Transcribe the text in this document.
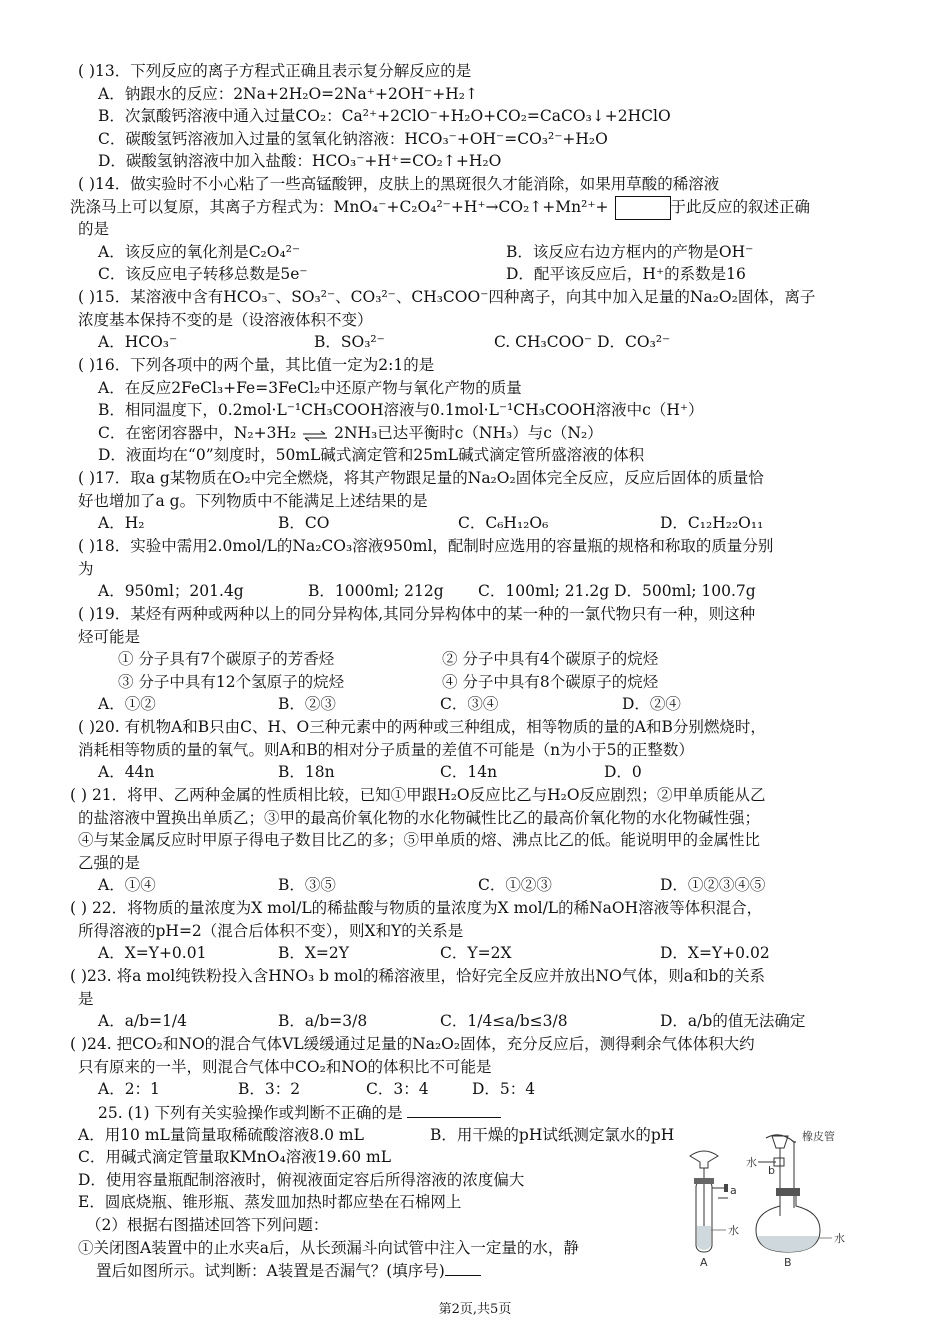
( )13．下列反应的离子方程式正确且表示复分解反应的是
A．钠跟水的反应：2Na+2H₂O=2Na⁺+2OH⁻+H₂↑
B．次氯酸钙溶液中通入过量CO₂：Ca²⁺+2ClO⁻+H₂O+CO₂=CaCO₃↓+2HClO
C．碳酸氢钙溶液加入过量的氢氧化钠溶液：HCO₃⁻+OH⁻=CO₃²⁻+H₂O
D．碳酸氢钠溶液中加入盐酸：HCO₃⁻+H⁺=CO₂↑+H₂O
( )14．做实验时不小心粘了一些高锰酸钾，皮肤上的黑斑很久才能消除，如果用草酸的稀溶液
洗涤马上可以复原，其离子方程式为：MnO₄⁻+C₂O₄²⁻+H⁺→CO₂↑+Mn²⁺+	于此反应的叙述正确
的是
A．该反应的氧化剂是C₂O₄²⁻	B．该反应右边方框内的产物是OH⁻
C．该反应电子转移总数是5e⁻	D．配平该反应后，H⁺的系数是16
( )15．某溶液中含有HCO₃⁻、SO₃²⁻、CO₃²⁻、CH₃COO⁻四种离子，向其中加入足量的Na₂O₂固体，离子
浓度基本保持不变的是（设溶液体积不变）
A．HCO₃⁻	B．SO₃²⁻	C. CH₃COO⁻ D．CO₃²⁻
( )16．下列各项中的两个量，其比值一定为2:1的是
A．在反应2FeCl₃+Fe=3FeCl₂中还原产物与氧化产物的质量
B．相同温度下，0.2mol·L⁻¹CH₃COOH溶液与0.1mol·L⁻¹CH₃COOH溶液中c（H⁺）
C．在密闭容器中，N₂+3H₂ ⇌ 2NH₃已达平衡时c（NH₃）与c（N₂）
D．液面均在“0”刻度时，50mL碱式滴定管和25mL碱式滴定管所盛溶液的体积
( )17．取a g某物质在O₂中完全燃烧，将其产物跟足量的Na₂O₂固体完全反应，反应后固体的质量恰
好也增加了a g。下列物质中不能满足上述结果的是
A．H₂	B．CO	C．C₆H₁₂O₆	D．C₁₂H₂₂O₁₁
( )18．实验中需用2.0mol/L的Na₂CO₃溶液950ml，配制时应选用的容量瓶的规格和称取的质量分别
为
A．950ml；201.4g	B．1000ml; 212g C．100ml; 21.2g D．500ml; 100.7g
( )19．某烃有两种或两种以上的同分异构体,其同分异构体中的某一种的一氯代物只有一种，则这种
烃可能是
① 分子具有7个碳原子的芳香烃	② 分子中具有4个碳原子的烷烃
③ 分子中具有12个氢原子的烷烃	④ 分子中具有8个碳原子的烷烃
A．①②	B．②③	C．③④	D．②④
( )20. 有机物A和B只由C、H、O三种元素中的两种或三种组成，相等物质的量的A和B分别燃烧时，
消耗相等物质的量的氧气。则A和B的相对分子质量的差值不可能是（n为小于5的正整数）
A．44n	B．18n	C．14n	D．0
( ) 21．将甲、乙两种金属的性质相比较，已知①甲跟H₂O反应比乙与H₂O反应剧烈；②甲单质能从乙
的盐溶液中置换出单质乙；③甲的最高价氧化物的水化物碱性比乙的最高价氧化物的水化物碱性强；
④与某金属反应时甲原子得电子数目比乙的多；⑤甲单质的熔、沸点比乙的低。能说明甲的金属性比
乙强的是
A．①④	B．③⑤	C．①②③	D．①②③④⑤
( ) 22．将物质的量浓度为X mol/L的稀盐酸与物质的量浓度为X mol/L的稀NaOH溶液等体积混合，
所得溶液的pH=2（混合后体积不变），则X和Y的关系是
A．X=Y+0.01	B．X=2Y	C．Y=2X	D．X=Y+0.02
( )23. 将a mol纯铁粉投入含HNO₃ b mol的稀溶液里，恰好完全反应并放出NO气体，则a和b的关系
是
A．a/b=1/4	B．a/b=3/8	C．1/4≤a/b≤3/8	D．a/b的值无法确定
( )24. 把CO₂和NO的混合气体VL缓缓通过足量的Na₂O₂固体，充分反应后，测得剩余气体体积大约
只有原来的一半，则混合气体中CO₂和NO的体积比不可能是
A．2：1	B．3：2	C．3：4	D．5：4
25. (1) 下列有关实验操作或判断不正确的是
A．用10 mL量筒量取稀硫酸溶液8.0 mL	B．用干燥的pH试纸测定氯水的pH
C．用碱式滴定管量取KMnO₄溶液19.60 mL
D．使用容量瓶配制溶液时，俯视液面定容后所得溶液的浓度偏大
E．圆底烧瓶、锥形瓶、蒸发皿加热时都应垫在石棉网上
（2）根据右图描述回答下列问题：
①关闭图A装置中的止水夹a后，从长颈漏斗向试管中注入一定量的水，静
置后如图所示。试判断：A装置是否漏气？(填序号)
橡皮管
水
b
a
水
水
A	B
第2页,共5页
